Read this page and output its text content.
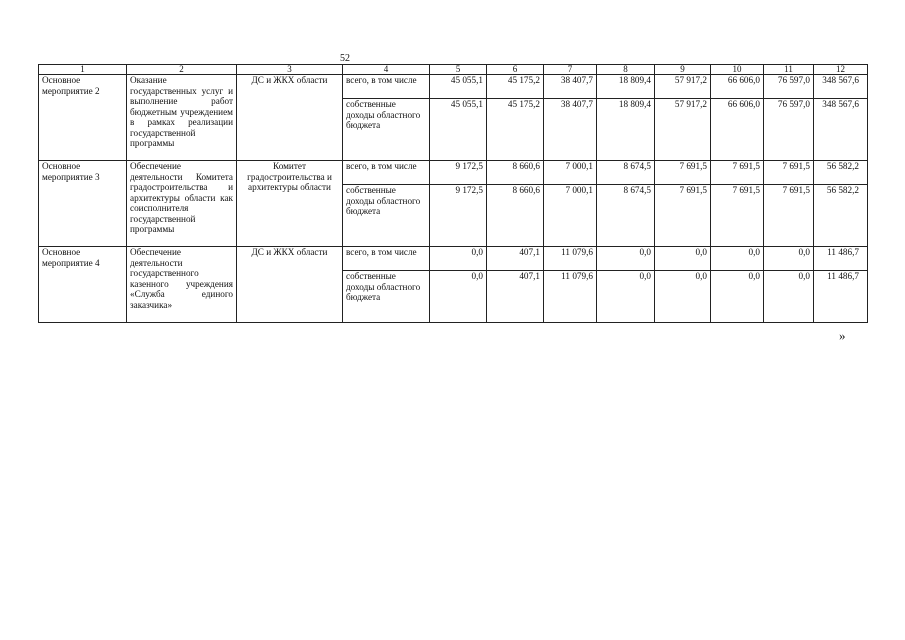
52
1	2	3	4	5	6	7	8	9	10	11	12
Основное мероприятие 2	Оказание государственных услуг и выполнение работ бюджетным учреждением в рамках реализации государственной программы	ДС и ЖКХ области	всего, в том числе	45 055,1	45 175,2	38 407,7	18 809,4	57 917,2	66 606,0	76 597,0	348 567,6
			собственные доходы областного бюджета	45 055,1	45 175,2	38 407,7	18 809,4	57 917,2	66 606,0	76 597,0	348 567,6
Основное мероприятие 3	Обеспечение деятельности Комитета градостроительства и архитектуры области как соисполнителя государственной программы	Комитет градостроительства и архитектуры области	всего, в том числе	9 172,5	8 660,6	7 000,1	8 674,5	7 691,5	7 691,5	7 691,5	56 582,2
			собственные доходы областного бюджета	9 172,5	8 660,6	7 000,1	8 674,5	7 691,5	7 691,5	7 691,5	56 582,2
Основное мероприятие 4	Обеспечение деятельности государственного казенного учреждения «Служба единого заказчика»	ДС и ЖКХ области	всего, в том числе	0,0	407,1	11 079,6	0,0	0,0	0,0	0,0	11 486,7
			собственные доходы областного бюджета	0,0	407,1	11 079,6	0,0	0,0	0,0	0,0	11 486,7
»
